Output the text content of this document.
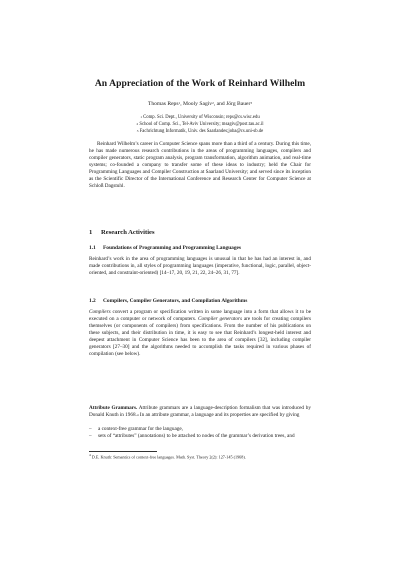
An Appreciation of the Work of Reinhard Wilhelm
Thomas Reps$^1$, Mooly Sagiv$^2$, and Jörg Bauer$^3$
$^1$ Comp. Sci. Dept., University of Wisconsin; reps@cs.wisc.edu
$^2$ School of Comp. Sci., Tel-Aviv University; msagiv@post.tau.ac.il
$^3$ Fachrichtung Informatik, Univ. des Saarlandes;joba@cs.uni-sb.de
Reinhard Wilhelm’s career in Computer Science spans more than a third of a century. During this time, he has made numerous research contributions in the areas of programming languages, compilers and compiler generators, static program analysis, program transformation, algorithm animation, and real-time systems; co-founded a company to transfer some of these ideas to industry; held the Chair for Programming Languages and Compiler Construction at Saarland University; and served since its inception as the Scientific Director of the International Conference and Research Center for Computer Science at Schloß Dagstuhl.
1 Research Activities
1.1 Foundations of Programming and Programming Languages
Reinhard’s work in the area of programming languages is unusual in that he has had an interest in, and made contributions in, all styles of programming languages (imperative, functional, logic, parallel, object-oriented, and constraint-oriented) [14–17, 20, 19, 21, 22, 24–26, 31, 77].
1.2 Compilers, Compiler Generators, and Compilation Algorithms
Compilers convert a program or specification written in some language into a form that allows it to be executed on a computer or network of computers. Compiler generators are tools for creating compilers themselves (or components of compilers) from specifications. From the number of his publications on these subjects, and their distribution in time, it is easy to see that Reinhard’s longest-held interest and deepest attachment in Computer Science has been to the area of compilers [32], including compiler generators [27–30] and the algorithms needed to accomplish the tasks required in various phases of compilation (see below).
Attribute Grammars. Attribute grammars are a language-description formalism that was introduced by Donald Knuth in 1968.$^4$ In an attribute grammar, a language and its properties are specified by giving
–	a context-free grammar for the language,
–	sets of “attributes” (annotations) to be attached to nodes of the grammar’s derivation trees, and
$^4$ D.E. Knuth: Semantics of context-free languages. Math. Syst. Theory 2(2): 127-145 (1968).
